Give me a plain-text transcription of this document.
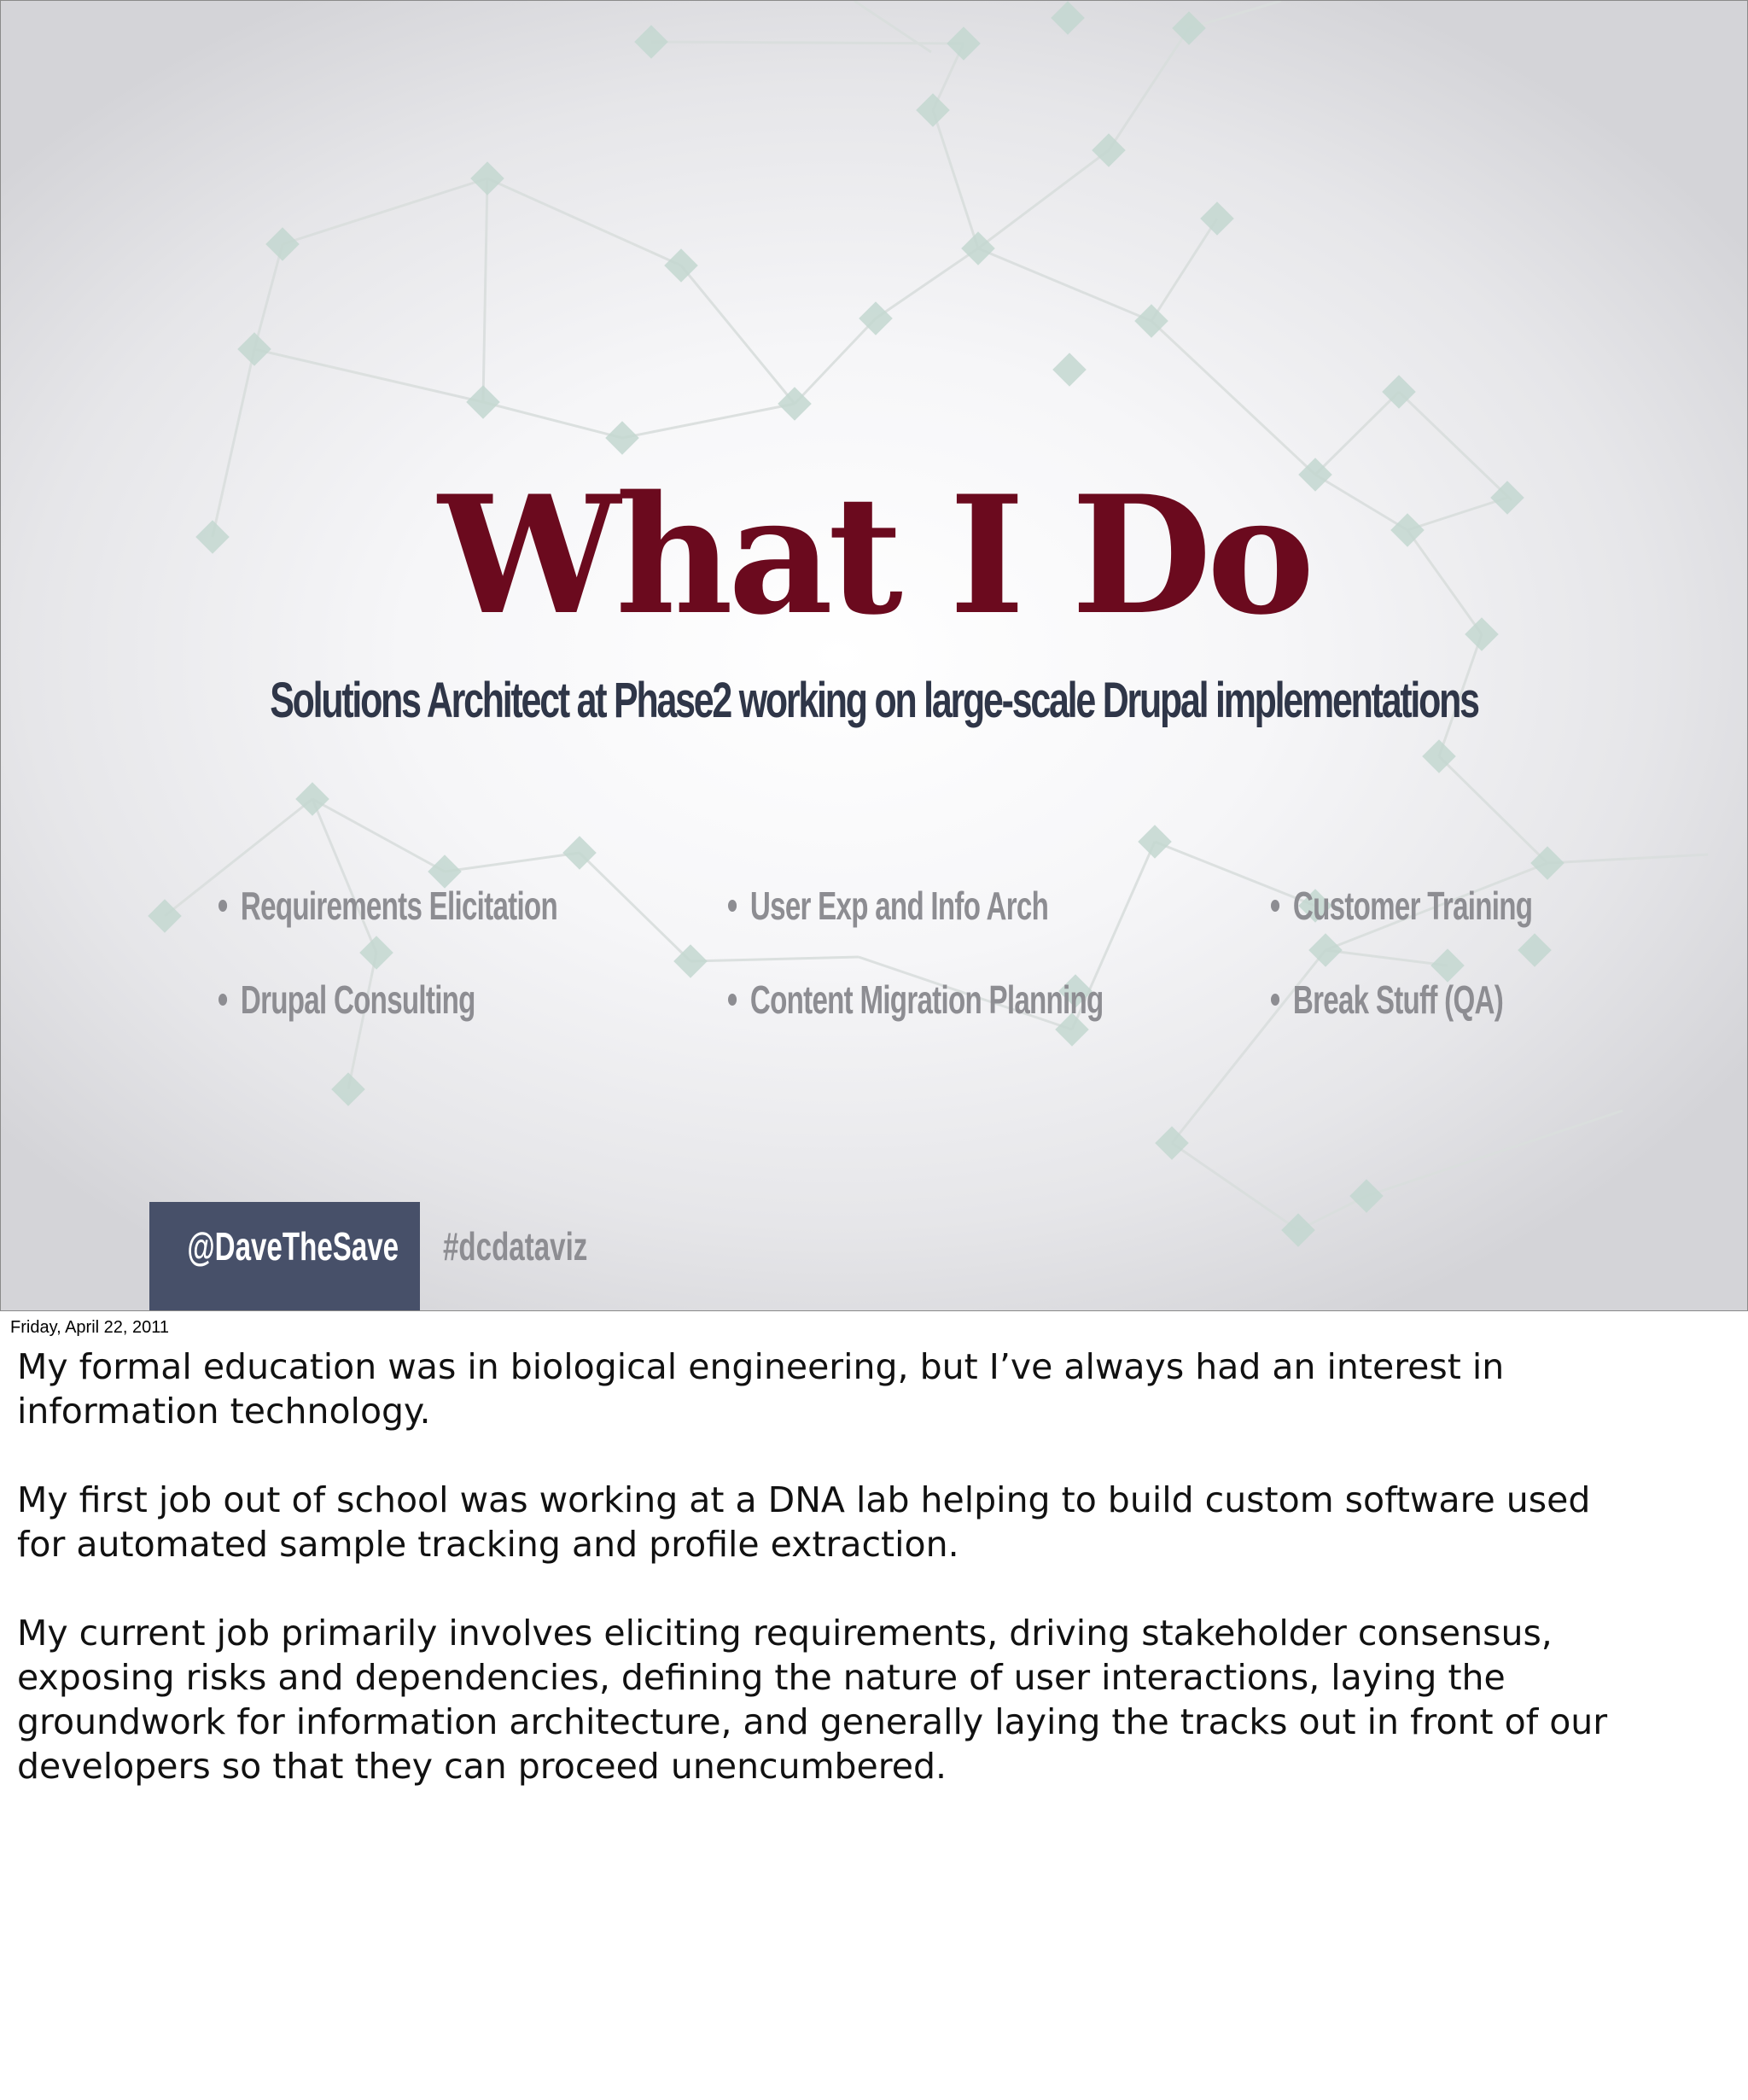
What I Do
Solutions Architect at Phase2 working on large-scale Drupal implementations
Requirements Elicitation	User Exp and Info Arch	Customer Training
Drupal Consulting	Content Migration Planning	Break Stuff (QA)
@DaveTheSave #dcdataviz
Friday, April 22, 2011

My formal education was in biological engineering, but I’ve always had an interest in
information technology.

My first job out of school was working at a DNA lab helping to build custom software used
for automated sample tracking and profile extraction.

My current job primarily involves eliciting requirements, driving stakeholder consensus,
exposing risks and dependencies, defining the nature of user interactions, laying the
groundwork for information architecture, and generally laying the tracks out in front of our
developers so that they can proceed unencumbered.
